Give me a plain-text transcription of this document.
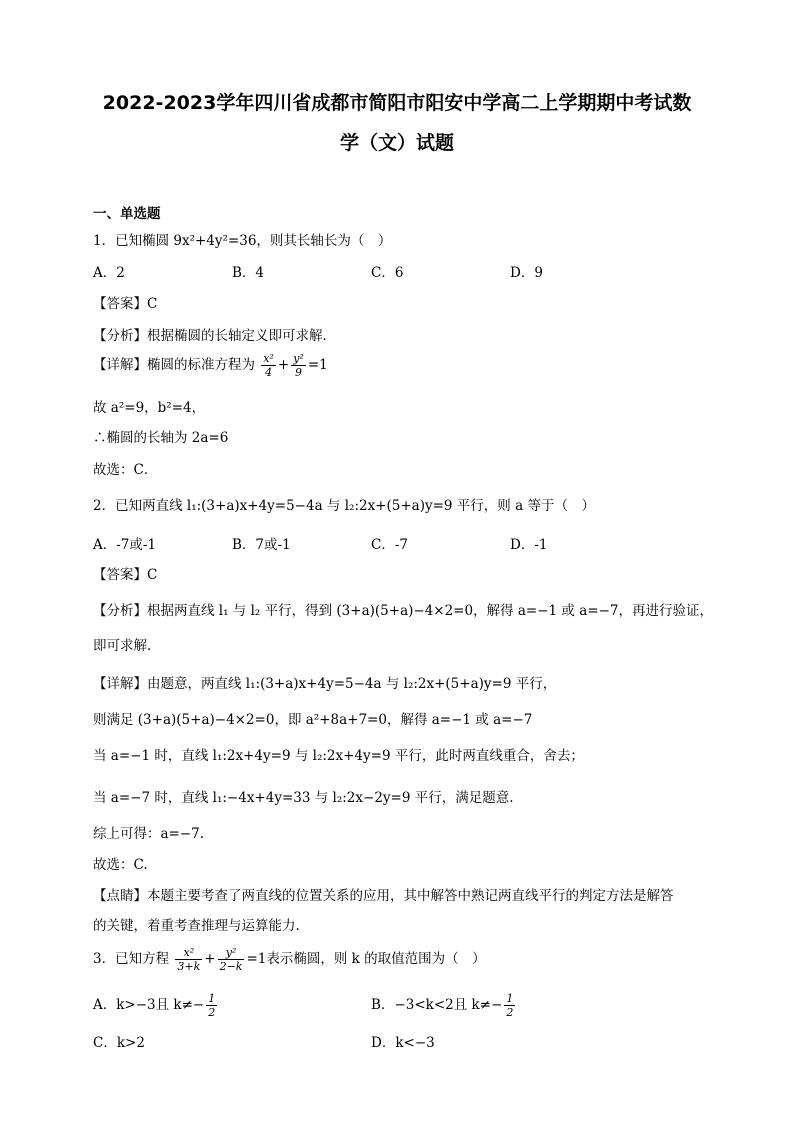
2022-2023学年四川省成都市简阳市阳安中学高二上学期期中考试数
学（文）试题
一、单选题
1．已知椭圆 9x²+4y²=36，则其长轴长为（　）
A．2	B．4	C．6	D．9
【答案】C
【分析】根据椭圆的长轴定义即可求解．
【详解】椭圆的标准方程为 $\frac{\text{x²}}{4} + \frac{\text{y²}}{9} =1$
故 a²=9，b²=4，
∴椭圆的长轴为 2a=6
故选：C．
2．已知两直线 l₁:(3+a)x+4y=5−4a 与 l₂:2x+(5+a)y=9 平行，则 a 等于（　）
A．-7或-1	B．7或-1	C．-7	D．-1
【答案】C
【分析】根据两直线 l₁ 与 l₂ 平行，得到 (3+a)(5+a)−4×2=0，解得 a=−1 或 a=−7，再进行验证，
即可求解.
【详解】由题意，两直线 l₁:(3+a)x+4y=5−4a 与 l₂:2x+(5+a)y=9 平行，
则满足 (3+a)(5+a)−4×2=0，即 a²+8a+7=0，解得 a=−1 或 a=−7
当 a=−1 时，直线 l₁:2x+4y=9 与 l₂:2x+4y=9 平行，此时两直线重合，舍去；
当 a=−7 时，直线 l₁:−4x+4y=33 与 l₂:2x−2y=9 平行，满足题意.
综上可得：a=−7.
故选：C.
【点睛】本题主要考查了两直线的位置关系的应用，其中解答中熟记两直线平行的判定方法是解答
的关键，着重考查推理与运算能力.
3．已知方程 $\frac{\text{x²}}{3+k} + \frac{\text{y²}}{2-k} =1$表示椭圆，则 k 的取值范围为（　）
A．k>−3且 $k\ne- \frac{1}{2}$	B．−3<k<2且 $k\ne- \frac{1}{2}$
C．k>2	D．k<−3
